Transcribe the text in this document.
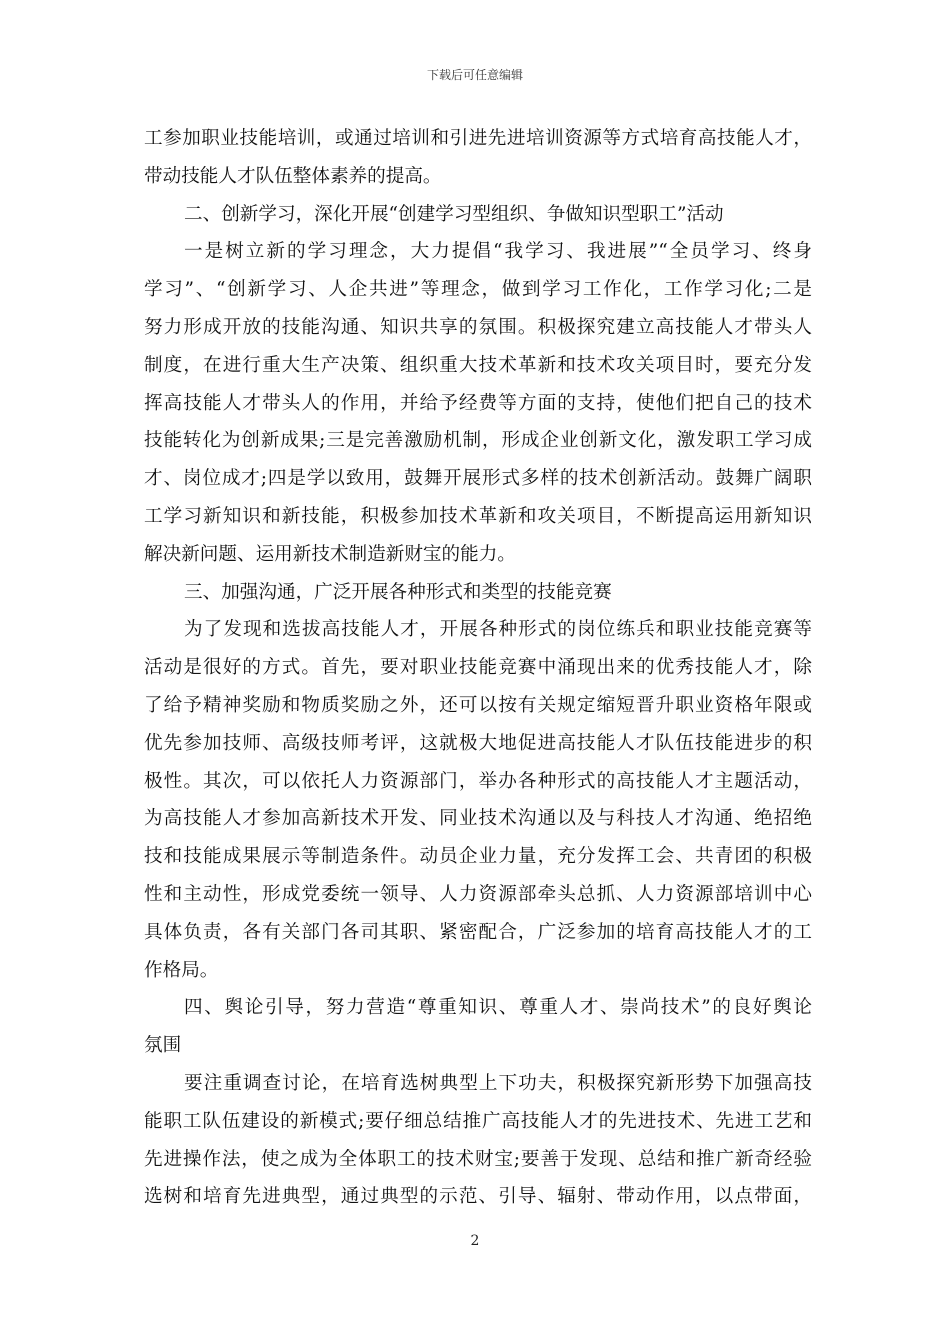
下载后可任意编辑
工参加职业技能培训，或通过培训和引进先进培训资源等方式培育高技能人才，
带动技能人才队伍整体素养的提高。
二、创新学习，深化开展“创建学习型组织、争做知识型职工”活动
一是树立新的学习理念，大力提倡“我学习、我进展”“全员学习、终身
学习”、“创新学习、人企共进”等理念，做到学习工作化，工作学习化;二是
努力形成开放的技能沟通、知识共享的氛围。积极探究建立高技能人才带头人
制度，在进行重大生产决策、组织重大技术革新和技术攻关项目时，要充分发
挥高技能人才带头人的作用，并给予经费等方面的支持，使他们把自己的技术
技能转化为创新成果;三是完善激励机制，形成企业创新文化，激发职工学习成
才、岗位成才;四是学以致用，鼓舞开展形式多样的技术创新活动。鼓舞广阔职
工学习新知识和新技能，积极参加技术革新和攻关项目，不断提高运用新知识
解决新问题、运用新技术制造新财宝的能力。
三、加强沟通，广泛开展各种形式和类型的技能竞赛
为了发现和选拔高技能人才，开展各种形式的岗位练兵和职业技能竞赛等
活动是很好的方式。首先，要对职业技能竞赛中涌现出来的优秀技能人才，除
了给予精神奖励和物质奖励之外，还可以按有关规定缩短晋升职业资格年限或
优先参加技师、高级技师考评，这就极大地促进高技能人才队伍技能进步的积
极性。其次，可以依托人力资源部门，举办各种形式的高技能人才主题活动，
为高技能人才参加高新技术开发、同业技术沟通以及与科技人才沟通、绝招绝
技和技能成果展示等制造条件。动员企业力量，充分发挥工会、共青团的积极
性和主动性，形成党委统一领导、人力资源部牵头总抓、人力资源部培训中心
具体负责，各有关部门各司其职、紧密配合，广泛参加的培育高技能人才的工
作格局。
四、舆论引导，努力营造“尊重知识、尊重人才、崇尚技术”的良好舆论
氛围
要注重调查讨论，在培育选树典型上下功夫，积极探究新形势下加强高技
能职工队伍建设的新模式;要仔细总结推广高技能人才的先进技术、先进工艺和
先进操作法，使之成为全体职工的技术财宝;要善于发现、总结和推广新奇经验
选树和培育先进典型，通过典型的示范、引导、辐射、带动作用，以点带面，
2
